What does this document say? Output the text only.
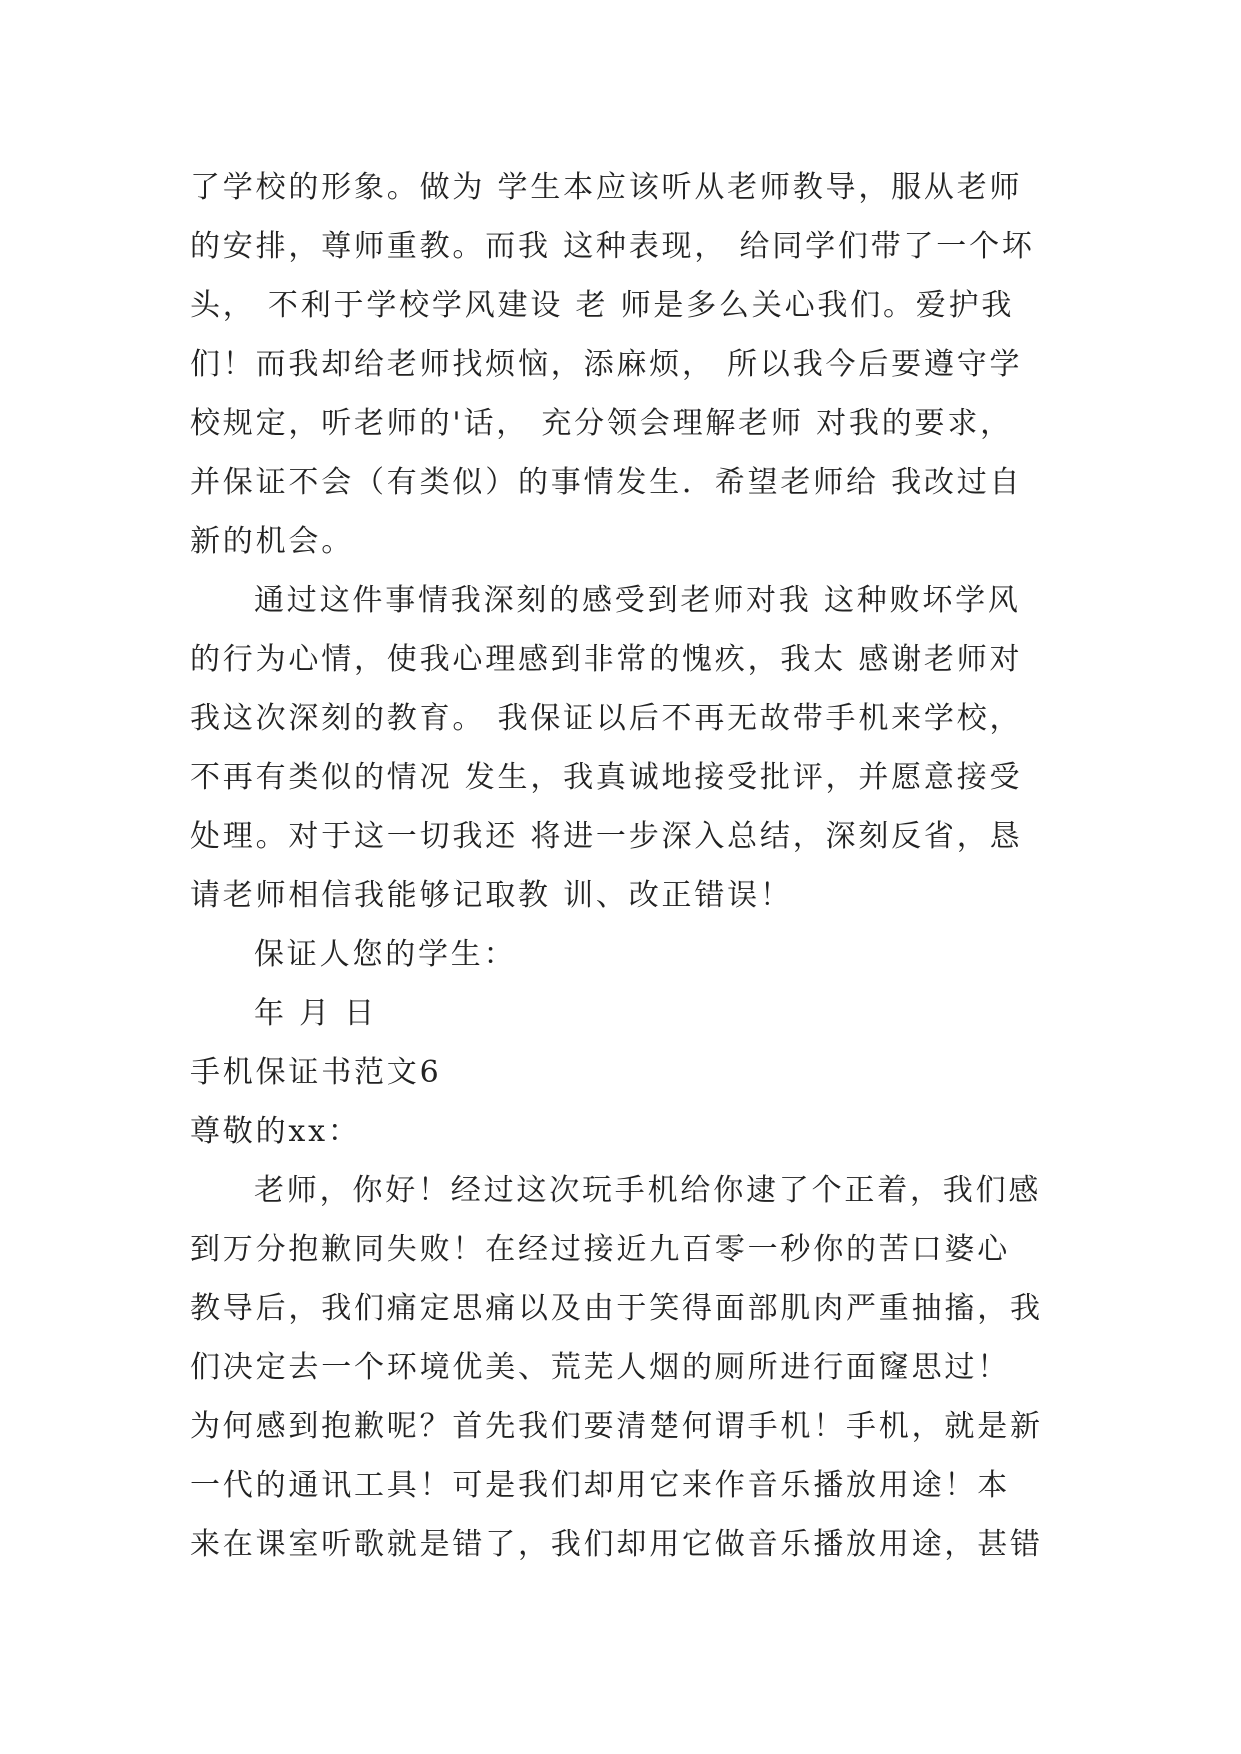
了学校的形象。做为 学生本应该听从老师教导，服从老师
的安排，尊师重教。而我 这种表现， 给同学们带了一个坏
头， 不利于学校学风建设 老 师是多么关心我们。爱护我
们！而我却给老师找烦恼，添麻烦， 所以我今后要遵守学
校规定，听老师的'话， 充分领会理解老师 对我的要求，
并保证不会（有类似）的事情发生．希望老师给 我改过自
新的机会。
通过这件事情我深刻的感受到老师对我 这种败坏学风
的行为心情，使我心理感到非常的愧疚，我太 感谢老师对
我这次深刻的教育。 我保证以后不再无故带手机来学校，
不再有类似的情况 发生，我真诚地接受批评，并愿意接受
处理。对于这一切我还 将进一步深入总结，深刻反省，恳
请老师相信我能够记取教 训、改正错误！
保证人您的学生：
年 月 日
手机保证书范文6
尊敬的xx：
老师，你好！经过这次玩手机给你逮了个正着，我们感
到万分抱歉同失败！在经过接近九百零一秒你的苦口婆心
教导后，我们痛定思痛以及由于笑得面部肌肉严重抽搐，我
们决定去一个环境优美、荒芜人烟的厕所进行面窿思过！
为何感到抱歉呢？首先我们要清楚何谓手机！手机，就是新
一代的通讯工具！可是我们却用它来作音乐播放用途！本
来在课室听歌就是错了，我们却用它做音乐播放用途，甚错
